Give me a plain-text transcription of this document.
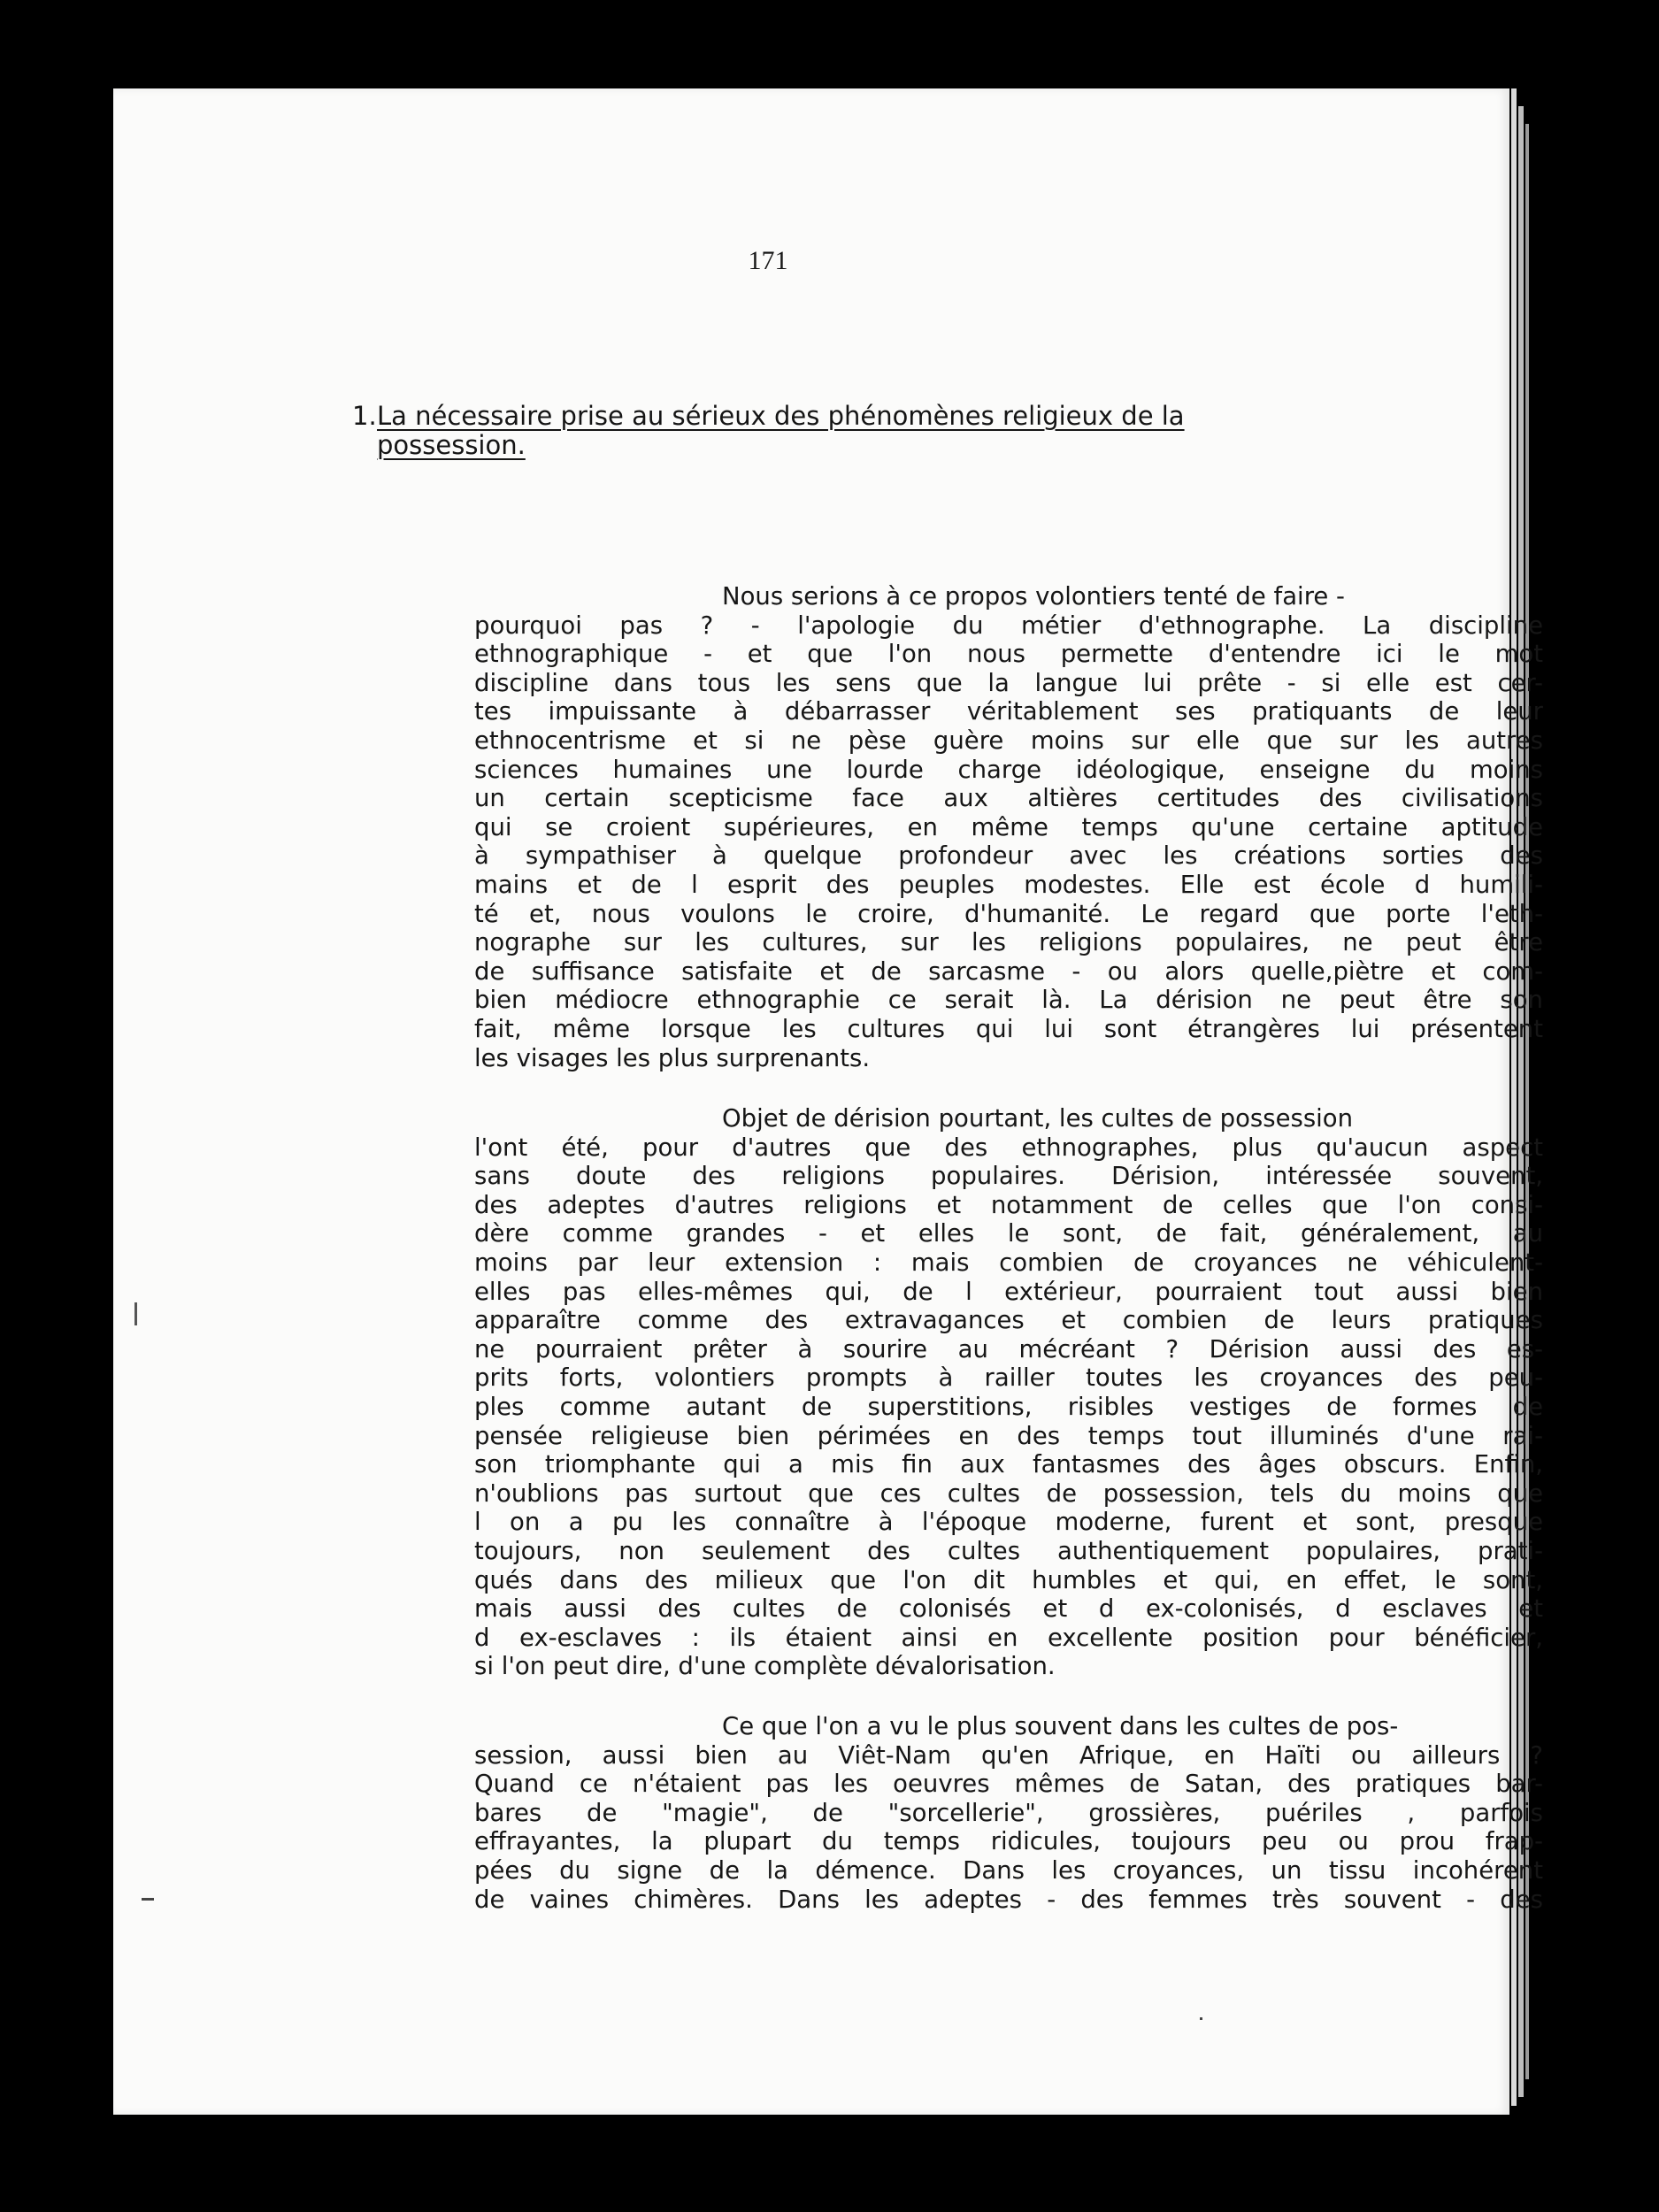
171
1.La nécessaire prise au sérieux des phénomènes religieux de la
possession.
Nous serions à ce propos volontiers tenté de faire -
pourquoi pas ? - l'apologie du métier d'ethnographe. La discipline
ethnographique - et que l'on nous permette d'entendre ici le mot
discipline dans tous les sens que la langue lui prête - si elle est cer-
tes impuissante à débarrasser véritablement ses pratiquants de leur
ethnocentrisme et si ne pèse guère moins sur elle que sur les autres
sciences humaines une lourde charge idéologique, enseigne du moins
un certain scepticisme face aux altières certitudes des civilisations
qui se croient supérieures, en même temps qu'une certaine aptitude
à sympathiser à quelque profondeur avec les créations sorties des
mains et de l esprit des peuples modestes. Elle est école d humili-
té et, nous voulons le croire, d'humanité. Le regard que porte l'eth-
nographe sur les cultures, sur les religions populaires, ne peut être
de suffisance satisfaite et de sarcasme - ou alors quelle,piètre et com-
bien médiocre ethnographie ce serait là. La dérision ne peut être son
fait, même lorsque les cultures qui lui sont étrangères lui présentent
les visages les plus surprenants.
Objet de dérision pourtant, les cultes de possession
l'ont été, pour d'autres que des ethnographes, plus qu'aucun aspect
sans doute des religions populaires. Dérision, intéressée souvent,
des adeptes d'autres religions et notamment de celles que l'on consi-
dère comme grandes - et elles le sont, de fait, généralement, au
moins par leur extension : mais combien de croyances ne véhiculent-
elles pas elles-mêmes qui, de l extérieur, pourraient tout aussi bien
apparaître comme des extravagances et combien de leurs pratiques
ne pourraient prêter à sourire au mécréant ? Dérision aussi des es-
prits forts, volontiers prompts à railler toutes les croyances des peu-
ples comme autant de superstitions, risibles vestiges de formes de
pensée religieuse bien périmées en des temps tout illuminés d'une rai-
son triomphante qui a mis fin aux fantasmes des âges obscurs. Enfin,
n'oublions pas surtout que ces cultes de possession, tels du moins que
l on a pu les connaître à l'époque moderne, furent et sont, presque
toujours, non seulement des cultes authentiquement populaires, prati-
qués dans des milieux que l'on dit humbles et qui, en effet, le sont,
mais aussi des cultes de colonisés et d ex-colonisés, d esclaves et
d ex-esclaves : ils étaient ainsi en excellente position pour bénéficier,
si l'on peut dire, d'une complète dévalorisation.
Ce que l'on a vu le plus souvent dans les cultes de pos-
session, aussi bien au Viêt-Nam qu'en Afrique, en Haïti ou ailleurs ?
Quand ce n'étaient pas les oeuvres mêmes de Satan, des pratiques bar-
bares de "magie", de "sorcellerie", grossières, puériles , parfois
effrayantes, la plupart du temps ridicules, toujours peu ou prou frap-
pées du signe de la démence. Dans les croyances, un tissu incohérent
de vaines chimères. Dans les adeptes - des femmes très souvent - des
